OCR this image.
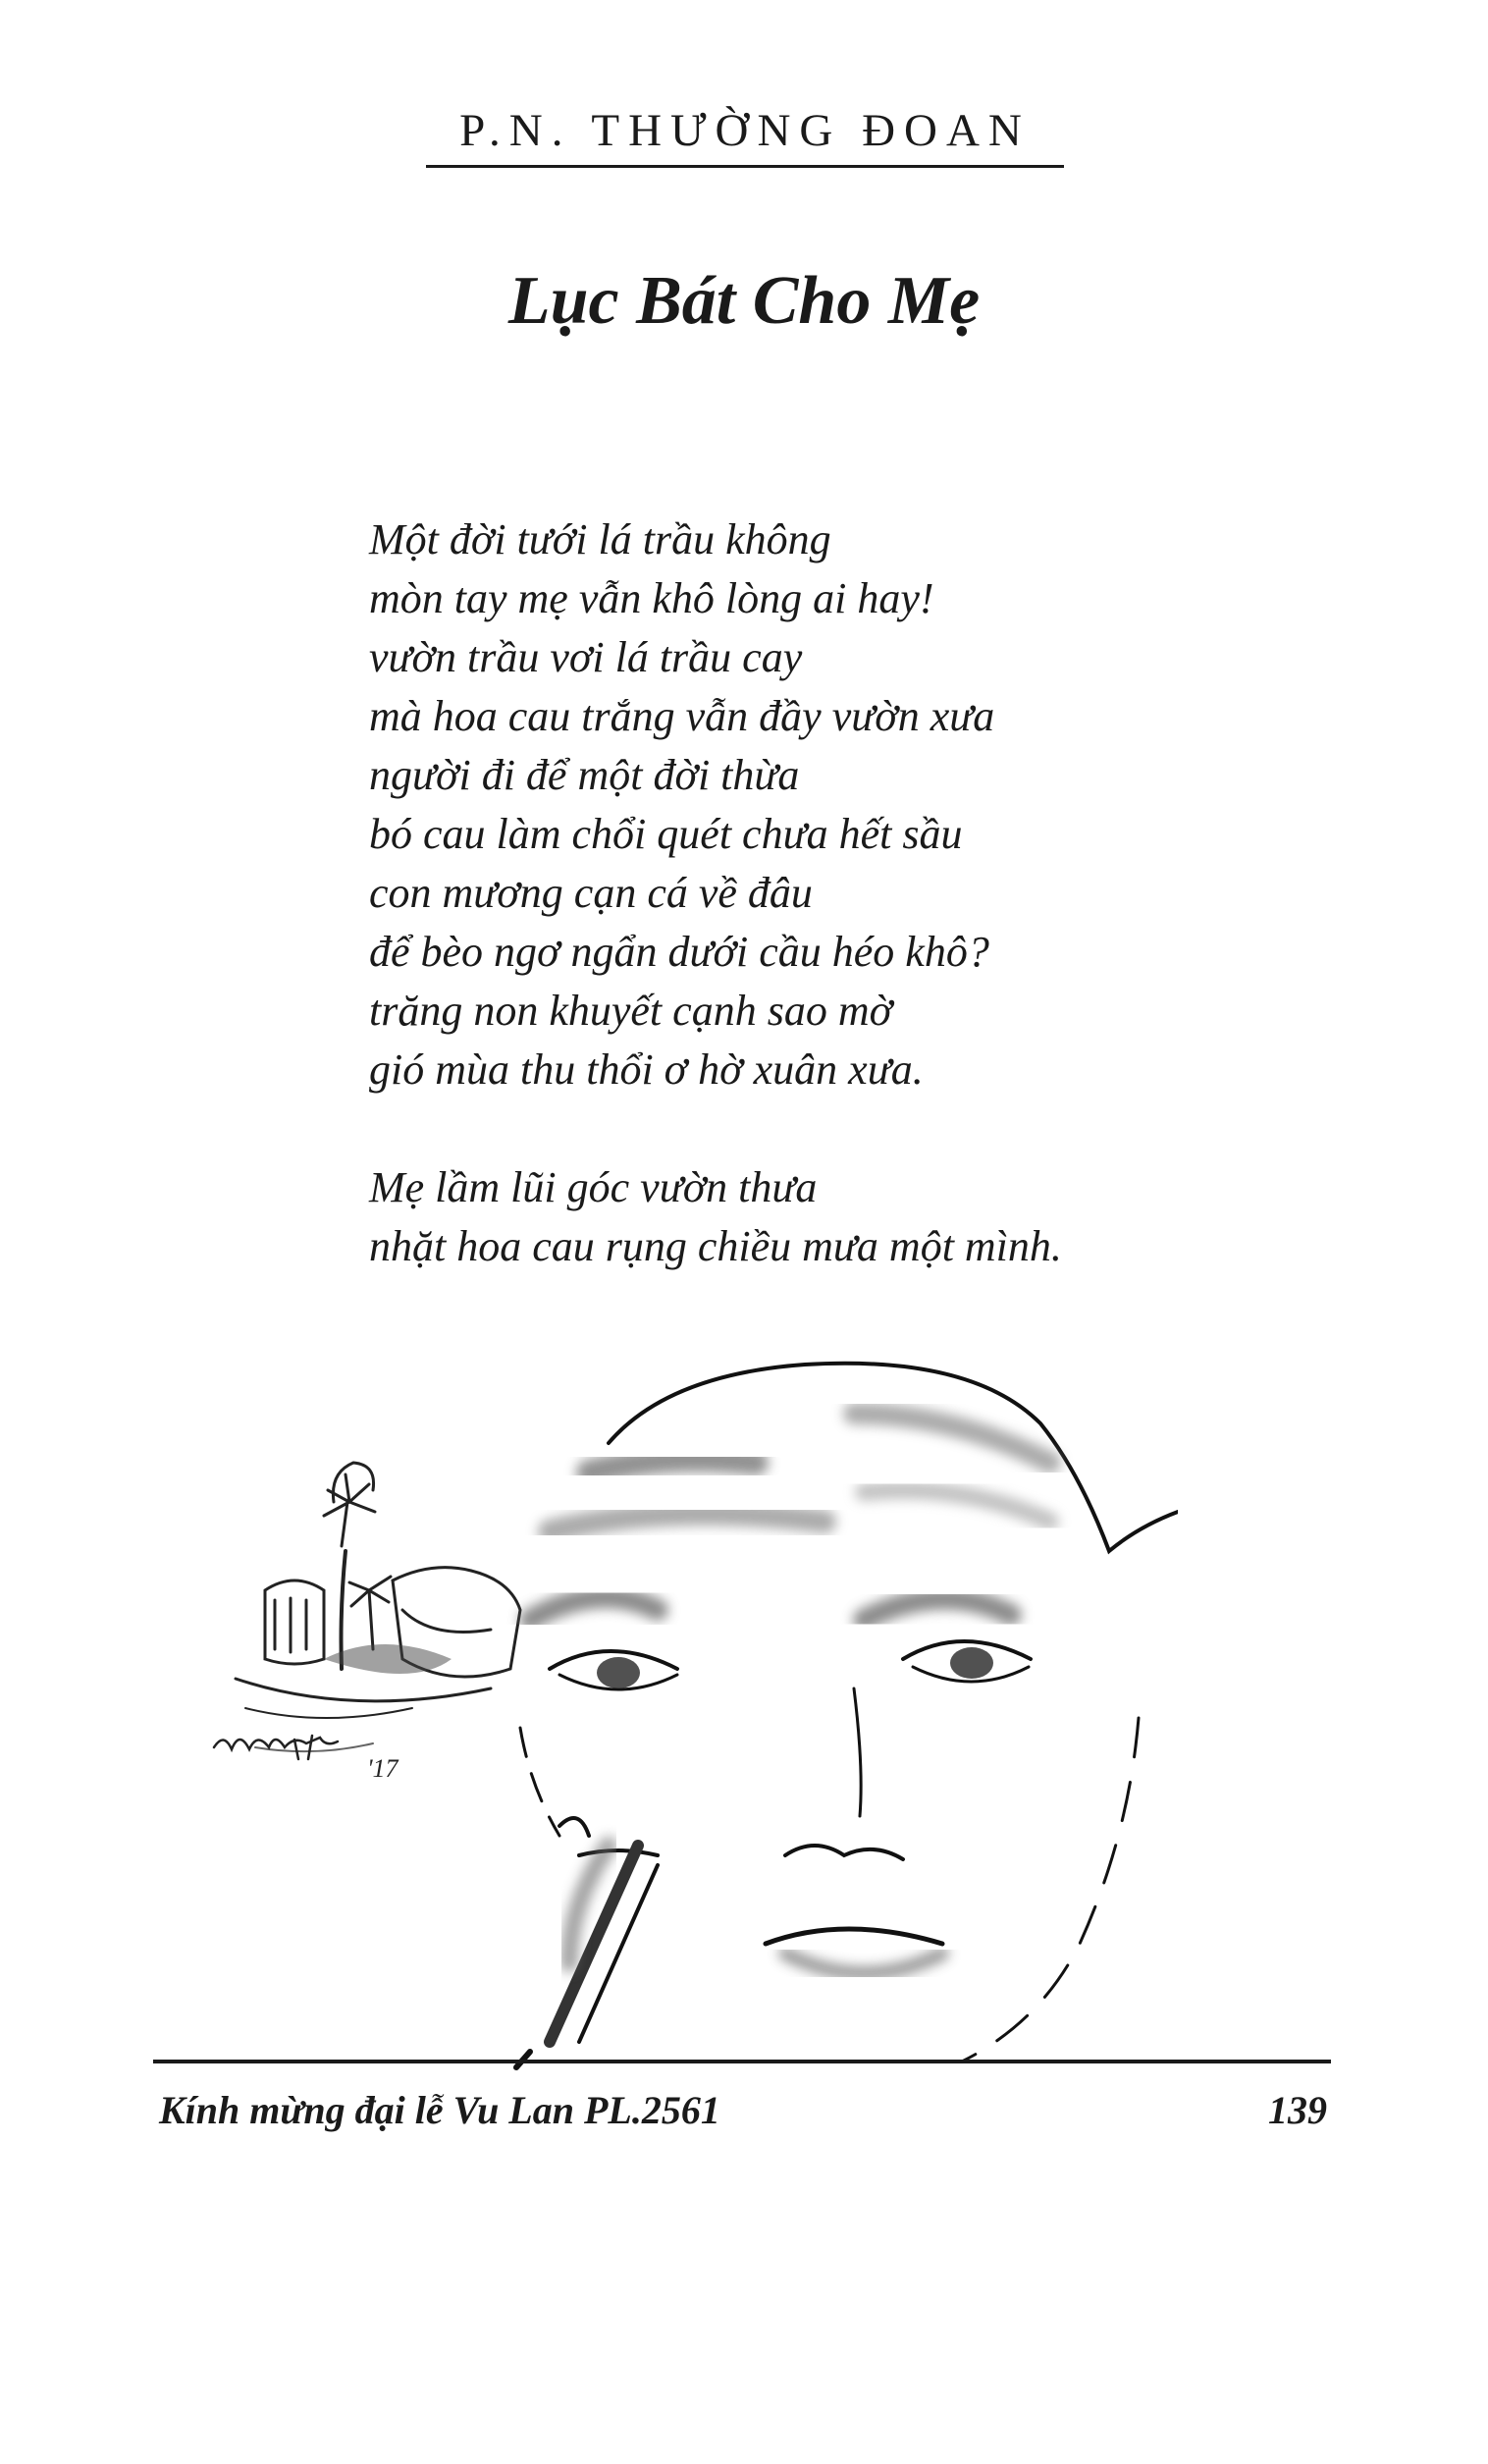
P.N. THƯỜNG ĐOAN
Lục Bát Cho Mẹ
Một đời tưới lá trầu không
mòn tay mẹ vẫn khô lòng ai hay!
vườn trầu vơi lá trầu cay
mà hoa cau trắng vẫn đầy vườn xưa
người đi để một đời thừa
bó cau làm chổi quét chưa hết sầu
con mương cạn cá về đâu
để bèo ngơ ngẩn dưới cầu héo khô?
trăng non khuyết cạnh sao mờ
gió mùa thu thổi ơ hờ xuân xưa.
Mẹ lầm lũi góc vườn thưa
nhặt hoa cau rụng chiều mưa một mình.
'17
Kính mừng đại lễ Vu Lan PL.2561	139
